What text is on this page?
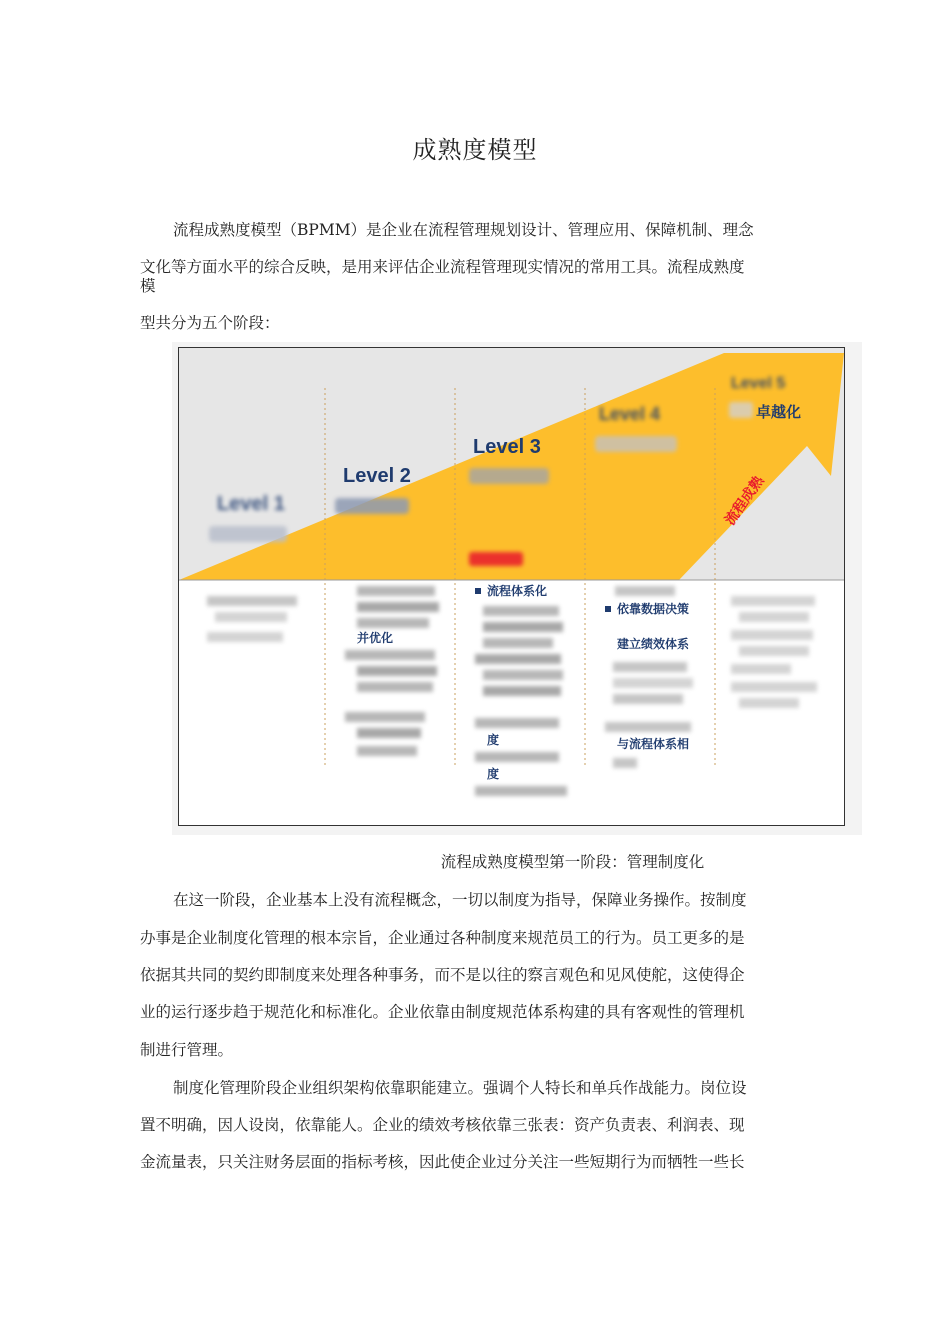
成熟度模型
流程成熟度模型（BPMM）是企业在流程管理规划设计、管理应用、保障机制、理念
文化等方面水平的综合反映，是用来评估企业流程管理现实情况的常用工具。流程成熟度
模
型共分为五个阶段：
Level 1
Level 2
Level 3
Level 4
Level 5
卓越化
流程成熟
并优化
流程体系化
度
度
依靠数据决策
建立绩效体系
与流程体系相
流程成熟度模型第一阶段：管理制度化
在这一阶段，企业基本上没有流程概念，一切以制度为指导，保障业务操作。按制度
办事是企业制度化管理的根本宗旨，企业通过各种制度来规范员工的行为。员工更多的是
依据其共同的契约即制度来处理各种事务，而不是以往的察言观色和见风使舵，这使得企
业的运行逐步趋于规范化和标准化。企业依靠由制度规范体系构建的具有客观性的管理机
制进行管理。
制度化管理阶段企业组织架构依靠职能建立。强调个人特长和单兵作战能力。岗位设
置不明确，因人设岗，依靠能人。企业的绩效考核依靠三张表：资产负责表、利润表、现
金流量表，只关注财务层面的指标考核，因此使企业过分关注一些短期行为而牺牲一些长
